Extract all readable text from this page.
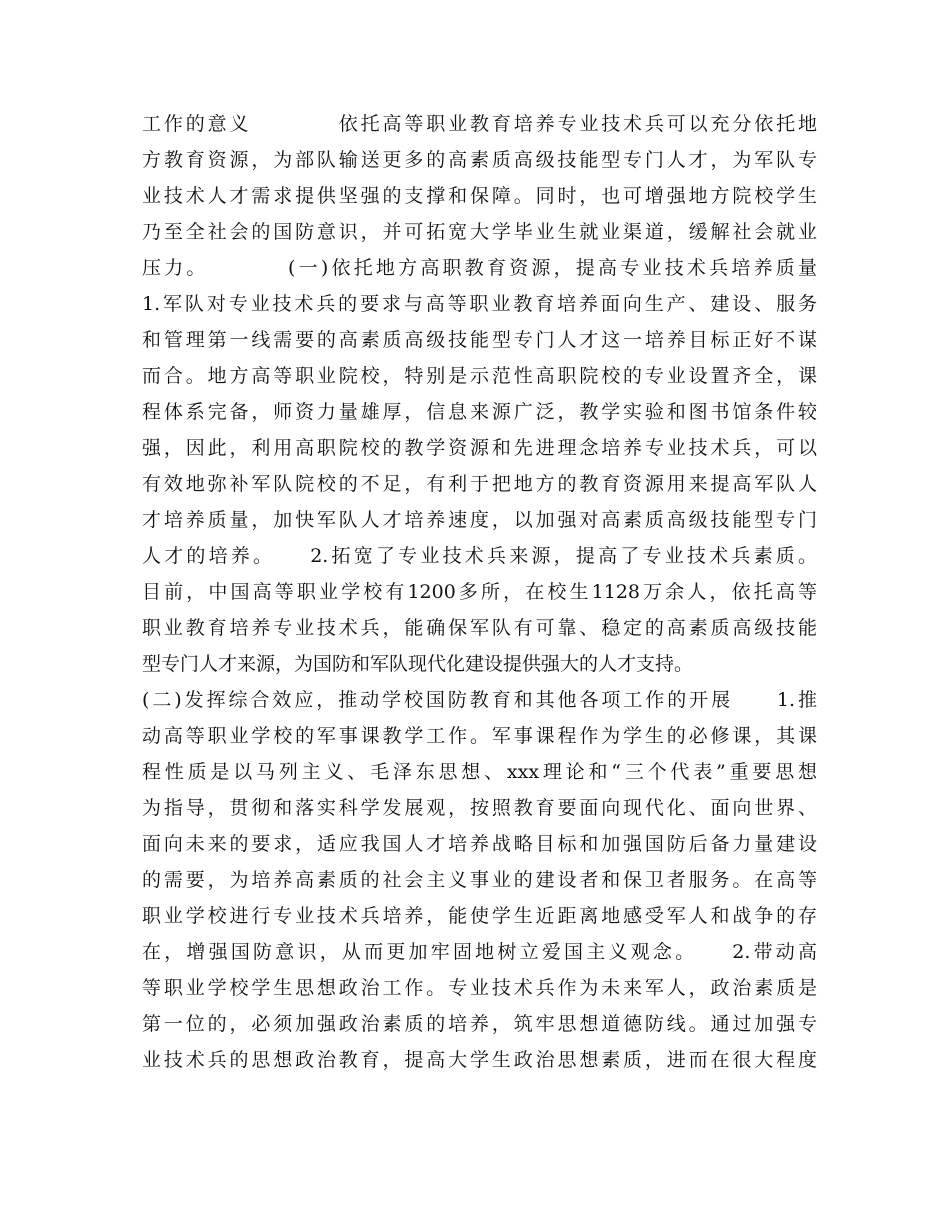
工作的意义　　　　依托高等职业教育培养专业技术兵可以充分依托地
方教育资源，为部队输送更多的高素质高级技能型专门人才，为军队专
业技术人才需求提供坚强的支撑和保障。同时，也可增强地方院校学生
乃至全社会的国防意识，并可拓宽大学毕业生就业渠道，缓解社会就业
压力。　　　　(一)依托地方高职教育资源，提高专业技术兵培养质量
1.军队对专业技术兵的要求与高等职业教育培养面向生产、建设、服务
和管理第一线需要的高素质高级技能型专门人才这一培养目标正好不谋
而合。地方高等职业院校，特别是示范性高职院校的专业设置齐全，课
程体系完备，师资力量雄厚，信息来源广泛，教学实验和图书馆条件较
强，因此，利用高职院校的教学资源和先进理念培养专业技术兵，可以
有效地弥补军队院校的不足，有利于把地方的教育资源用来提高军队人
才培养质量，加快军队人才培养速度，以加强对高素质高级技能型专门
人才的培养。　　2.拓宽了专业技术兵来源，提高了专业技术兵素质。
目前，中国高等职业学校有1200多所，在校生1128万余人，依托高等
职业教育培养专业技术兵，能确保军队有可靠、稳定的高素质高级技能
型专门人才来源，为国防和军队现代化建设提供强大的人才支持。
(二)发挥综合效应，推动学校国防教育和其他各项工作的开展　　1.推
动高等职业学校的军事课教学工作。军事课程作为学生的必修课，其课
程性质是以马列主义、毛泽东思想、xxx理论和“三个代表”重要思想
为指导，贯彻和落实科学发展观，按照教育要面向现代化、面向世界、
面向未来的要求，适应我国人才培养战略目标和加强国防后备力量建设
的需要，为培养高素质的社会主义事业的建设者和保卫者服务。在高等
职业学校进行专业技术兵培养，能使学生近距离地感受军人和战争的存
在，增强国防意识，从而更加牢固地树立爱国主义观念。　　2.带动高
等职业学校学生思想政治工作。专业技术兵作为未来军人，政治素质是
第一位的，必须加强政治素质的培养，筑牢思想道德防线。通过加强专
业技术兵的思想政治教育，提高大学生政治思想素质，进而在很大程度
